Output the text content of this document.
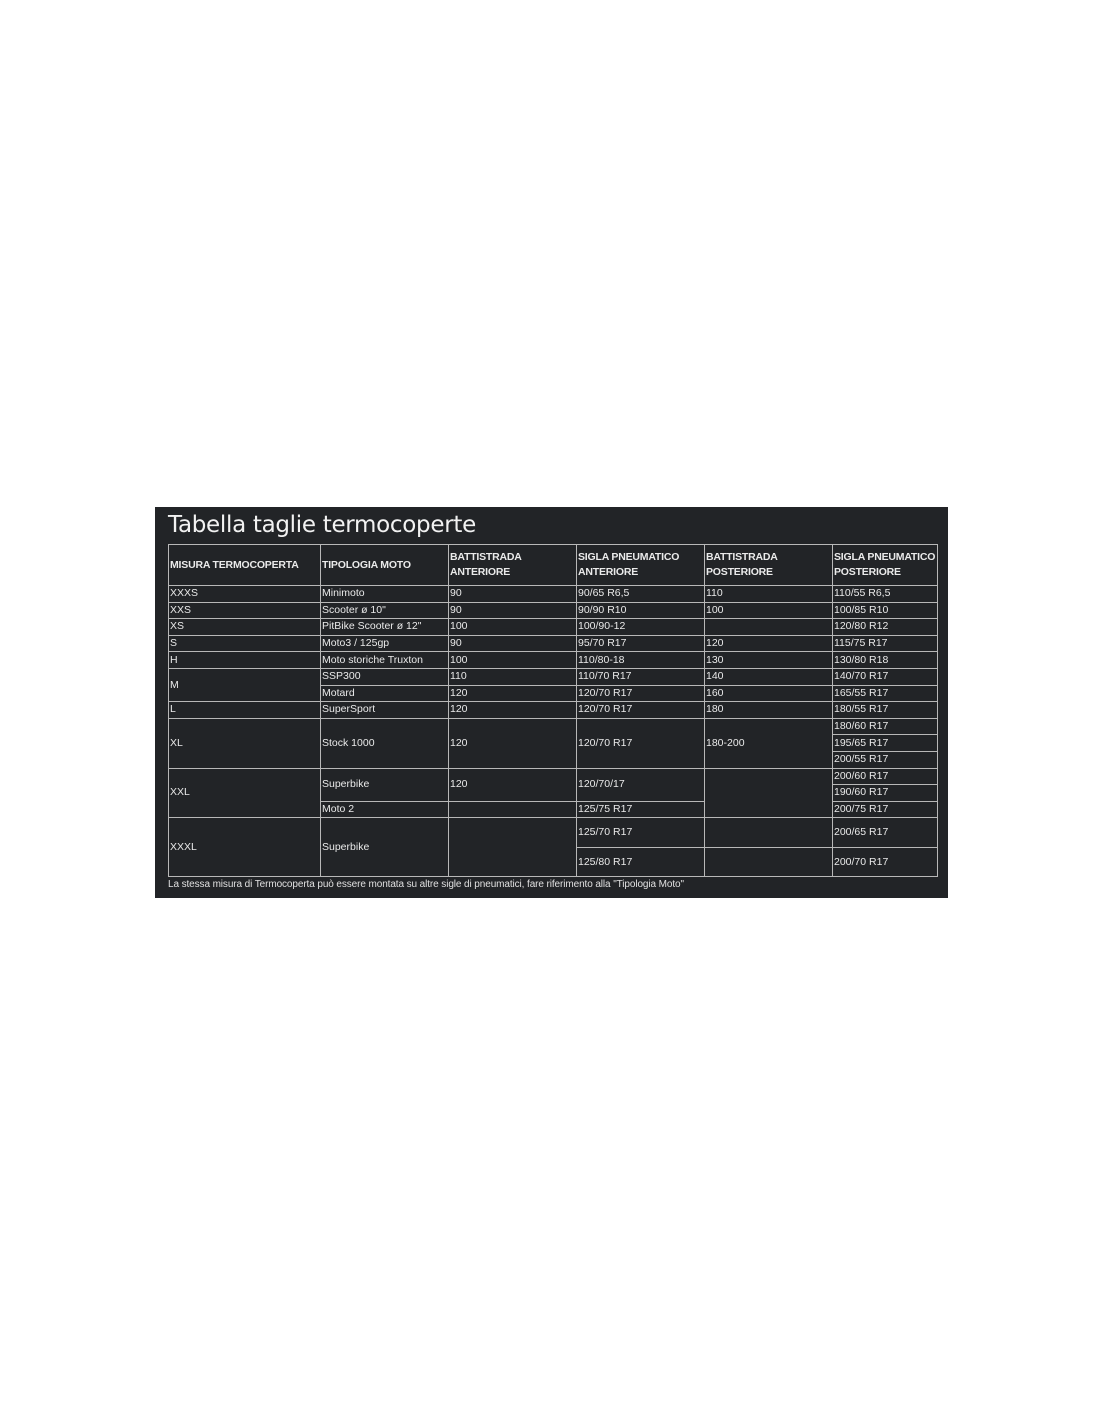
Tabella taglie termocoperte
MISURA TERMOCOPERTA	TIPOLOGIA MOTO	BATTISTRADA ANTERIORE	SIGLA PNEUMATICO ANTERIORE	BATTISTRADA POSTERIORE	SIGLA PNEUMATICO POSTERIORE
XXXS	Minimoto	90	90/65 R6,5	110	110/55 R6,5
XXS	Scooter ø 10"	90	90/90 R10	100	100/85 R10
XS	PitBike Scooter ø 12"	100	100/90-12		120/80 R12
S	Moto3 / 125gp	90	95/70 R17	120	115/75 R17
H	Moto storiche Truxton	100	110/80-18	130	130/80 R18
M	SSP300	110	110/70 R17	140	140/70 R17
	Motard	120	120/70 R17	160	165/55 R17
L	SuperSport	120	120/70 R17	180	180/55 R17
XL	Stock 1000	120	120/70 R17	180-200	180/60 R17
					195/65 R17
					200/55 R17
XXL	Superbike	120	120/70/17		200/60 R17
					190/60 R17
	Moto 2		125/75 R17		200/75 R17
XXXL	Superbike		125/70 R17		200/65 R17
			125/80 R17		200/70 R17
La stessa misura di Termocoperta può essere montata su altre sigle di pneumatici, fare riferimento alla "Tipologia Moto"
